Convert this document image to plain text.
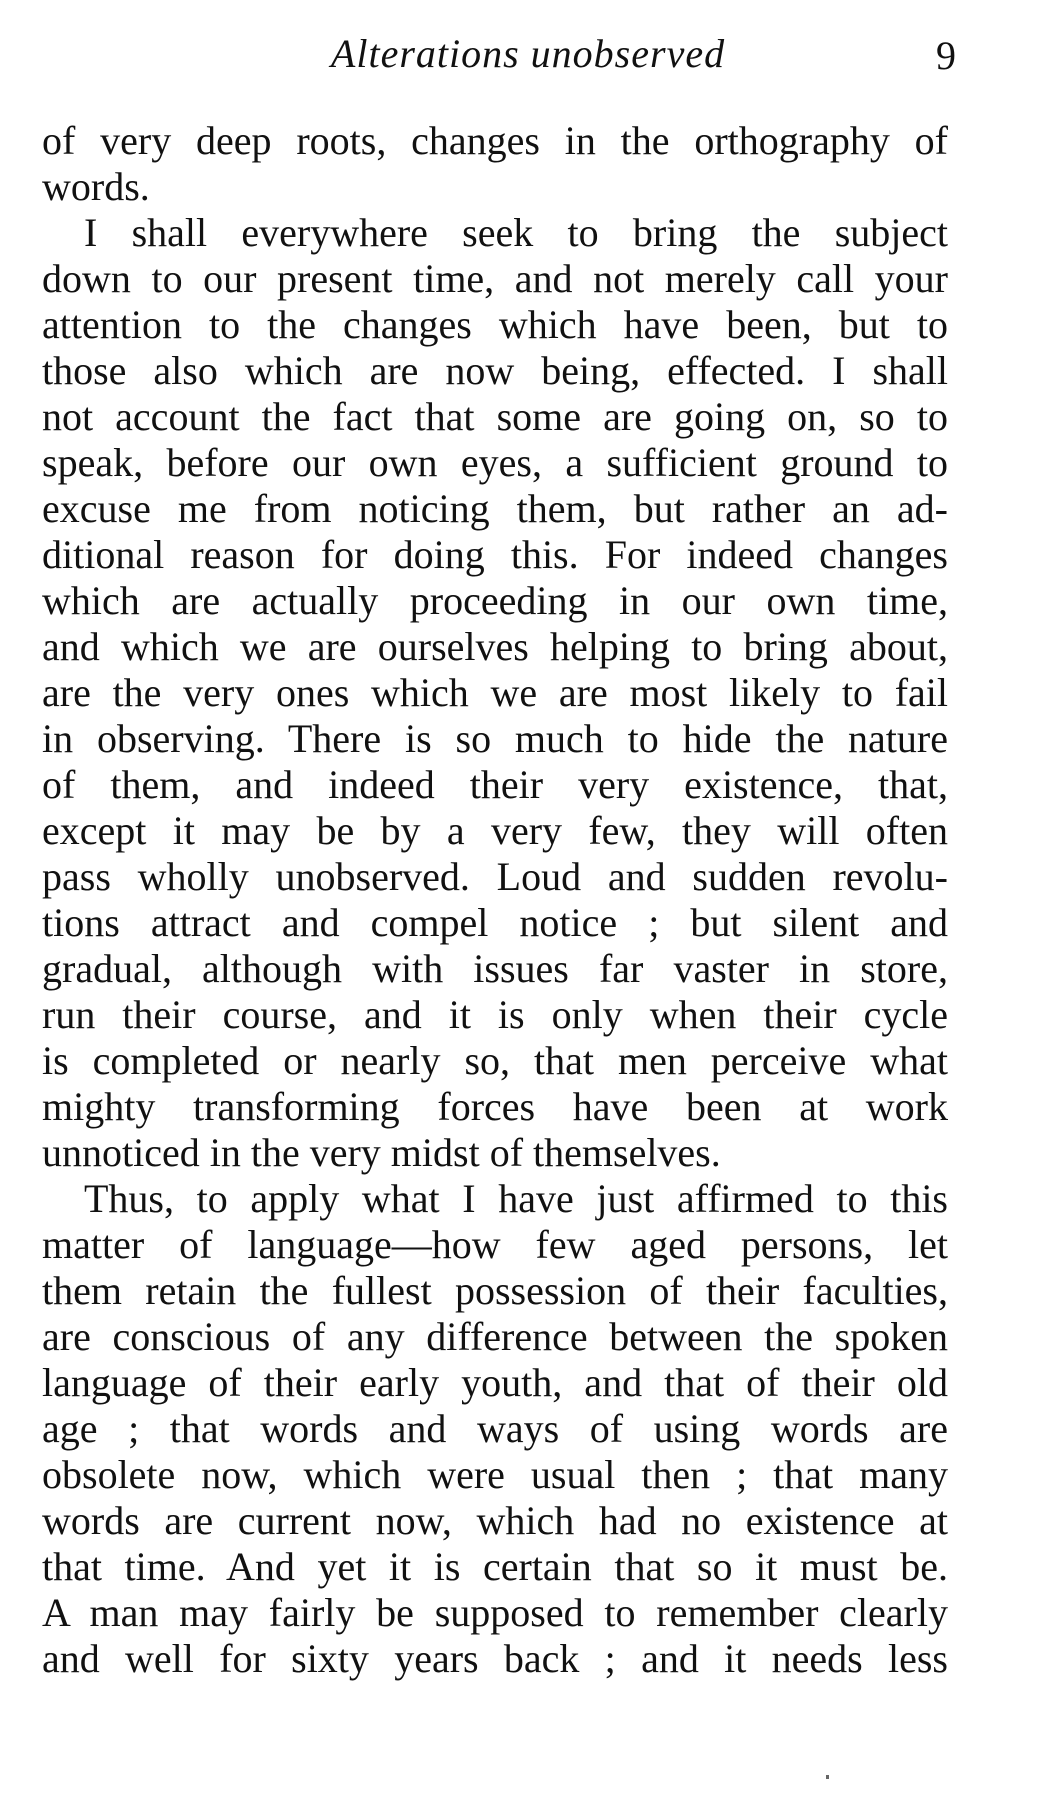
Alterations unobserved	9
of very deep roots, changes in the orthography of
words.
I shall everywhere seek to bring the subject
down to our present time, and not merely call your
attention to the changes which have been, but to
those also which are now being, effected. I shall
not account the fact that some are going on, so to
speak, before our own eyes, a sufficient ground to
excuse me from noticing them, but rather an ad-
ditional reason for doing this. For indeed changes
which are actually proceeding in our own time,
and which we are ourselves helping to bring about,
are the very ones which we are most likely to fail
in observing. There is so much to hide the nature
of them, and indeed their very existence, that,
except it may be by a very few, they will often
pass wholly unobserved. Loud and sudden revolu-
tions attract and compel notice ; but silent and
gradual, although with issues far vaster in store,
run their course, and it is only when their cycle
is completed or nearly so, that men perceive what
mighty transforming forces have been at work
unnoticed in the very midst of themselves.
Thus, to apply what I have just affirmed to this
matter of language—how few aged persons, let
them retain the fullest possession of their faculties,
are conscious of any difference between the spoken
language of their early youth, and that of their old
age ; that words and ways of using words are
obsolete now, which were usual then ; that many
words are current now, which had no existence at
that time. And yet it is certain that so it must be.
A man may fairly be supposed to remember clearly
and well for sixty years back ; and it needs less
